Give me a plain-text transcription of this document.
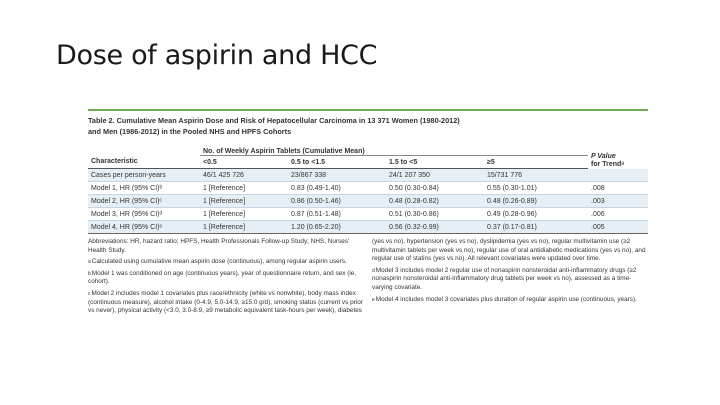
Dose of aspirin and HCC
Table 2. Cumulative Mean Aspirin Dose and Risk of Hepatocellular Carcinoma in 13 371 Women (1980-2012)
and Men (1986-2012) in the Pooled NHS and HPFS Cohorts
	No. of Weekly Aspirin Tablets (Cumulative Mean)				P Value
for Trendᵃ
Characteristic	<0.5	0.5 to <1.5	1.5 to <5	≥5	
Cases per person-years	46/1 425 726	23/867 338	24/1 207 350	15/731 776	
Model 1, HR (95% CI)ᵇ	1 [Reference]	0.83 (0.49-1.40)	0.50 (0.30-0.84)	0.55 (0.30-1.01)	.008
Model 2, HR (95% CI)ᶜ	1 [Reference]	0.86 (0.50-1.46)	0.48 (0.28-0.82)	0.48 (0.26-0.89)	.003
Model 3, HR (95% CI)ᵈ	1 [Reference]	0.87 (0.51-1.48)	0.51 (0.30-0.86)	0.49 (0.28-0.96)	.006
Model 4, HR (95% CI)ᵉ	1 [Reference]	1.20 (0.65-2.20)	0.56 (0.32-0.99)	0.37 (0.17-0.81)	.005

Abbreviations: HR, hazard ratio; HPFS, Health Professionals Follow-up Study; NHS, Nurses' Health Study.

$^a$Calculated using cumulative mean aspirin dose (continuous), among regular aspirin users.

$^b$Model 1 was conditioned on age (continuous years), year of questionnaire return, and sex (ie, cohort).

$^c$Model 2 includes model 1 covariates plus race/ethnicity (white vs nonwhite), body mass index (continuous measure), alcohol intake (0-4.9, 5.0-14.9, ≥15.0 g/d), smoking status (current vs prior vs never), physical activity (<3.0, 3.0-8.9, ≥9 metabolic equivalent task-hours per week), diabetes

(yes vs no), hypertension (yes vs no), dyslipidemia (yes vs no), regular multivitamin use (≥2 multivitamin tablets per week vs no), regular use of oral antidiabetic medications (yes vs no), and regular use of statins (yes vs no). All relevant covariates were updated over time.

$^d$Model 3 includes model 2 regular use of nonaspirin nonsteroidal anti-inflammatory drugs (≥2 nonaspirin nonsteroidal anti-inflammatory drug tablets per week vs no), assessed as a time-varying covariate.

$^e$Model 4 includes model 3 covariates plus duration of regular aspirin use (continuous, years).
